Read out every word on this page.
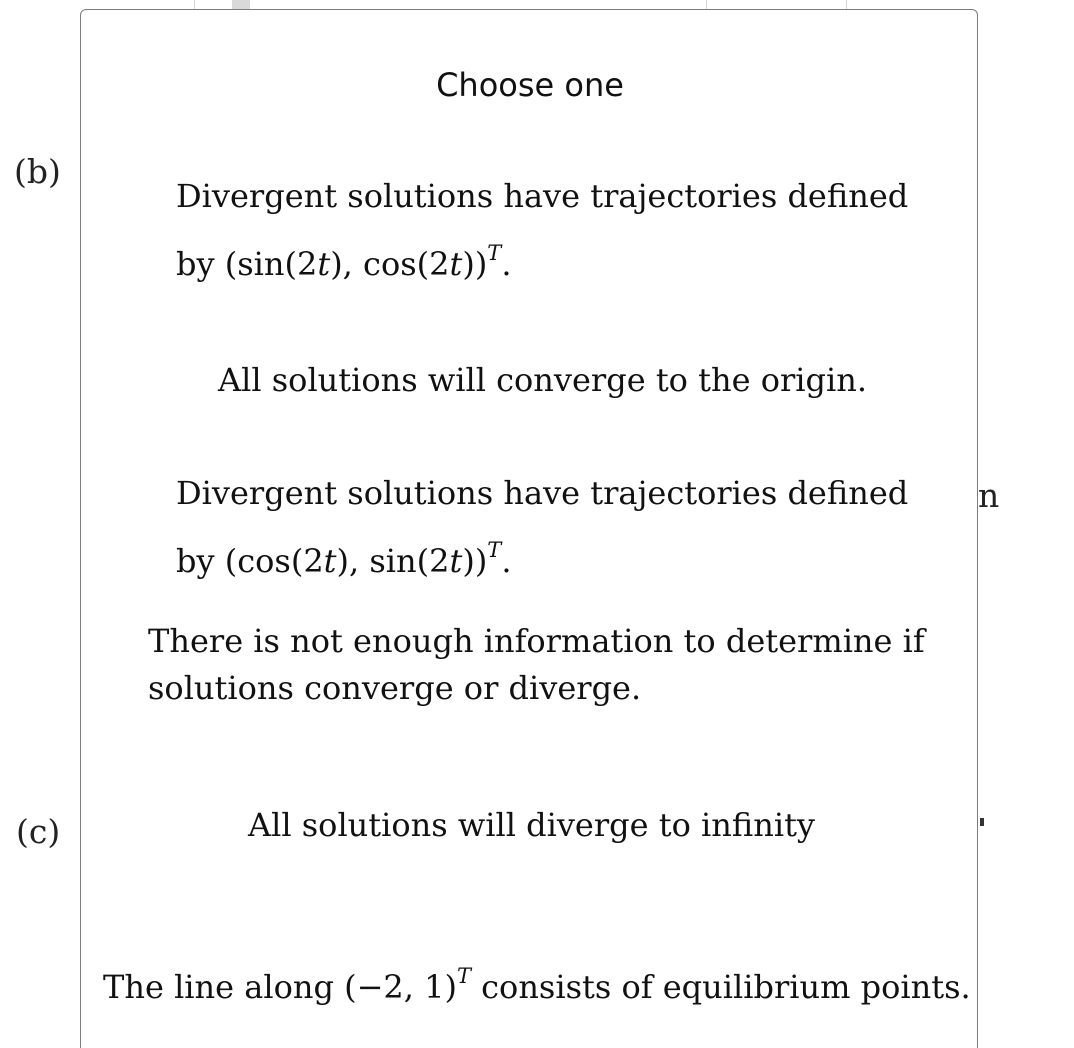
(b)
(c)
n
Choose one
Divergent solutions have trajectories defined
by (sin(2t), cos(2t))$^T$.
All solutions will converge to the origin.
Divergent solutions have trajectories defined
by (cos(2t), sin(2t))$^T$.
There is not enough information to determine if
solutions converge or diverge.
All solutions will diverge to infinity
The line along (−2, 1)$^T$ consists of equilibrium points.
